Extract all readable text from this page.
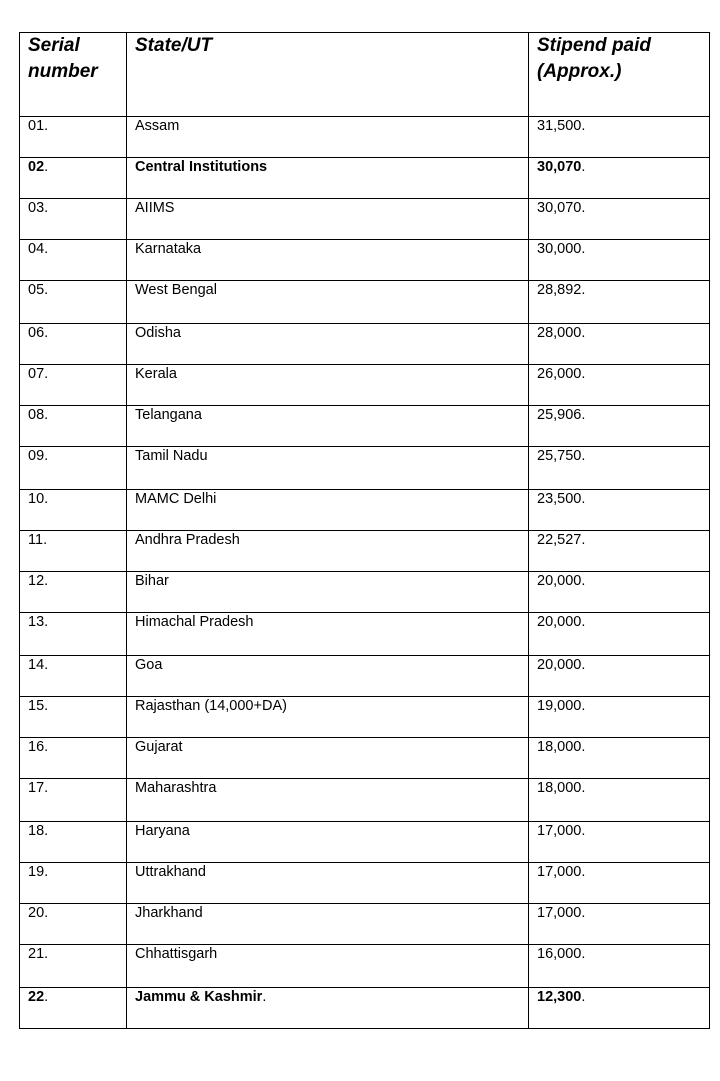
Serial number	State/UT	Stipend paid (Approx.)
01.	Assam	31,500.
02.	Central Institutions	30,070.
03.	AIIMS	30,070.
04.	Karnataka	30,000.
05.	West Bengal	28,892.
06.	Odisha	28,000.
07.	Kerala	26,000.
08.	Telangana	25,906.
09.	Tamil Nadu	25,750.
10.	MAMC Delhi	23,500.
11.	Andhra Pradesh	22,527.
12.	Bihar	20,000.
13.	Himachal Pradesh	20,000.
14.	Goa	20,000.
15.	Rajasthan (14,000+DA)	19,000.
16.	Gujarat	18,000.
17.	Maharashtra	18,000.
18.	Haryana	17,000.
19.	Uttrakhand	17,000.
20.	Jharkhand	17,000.
21.	Chhattisgarh	16,000.
22.	Jammu & Kashmir.	12,300.
